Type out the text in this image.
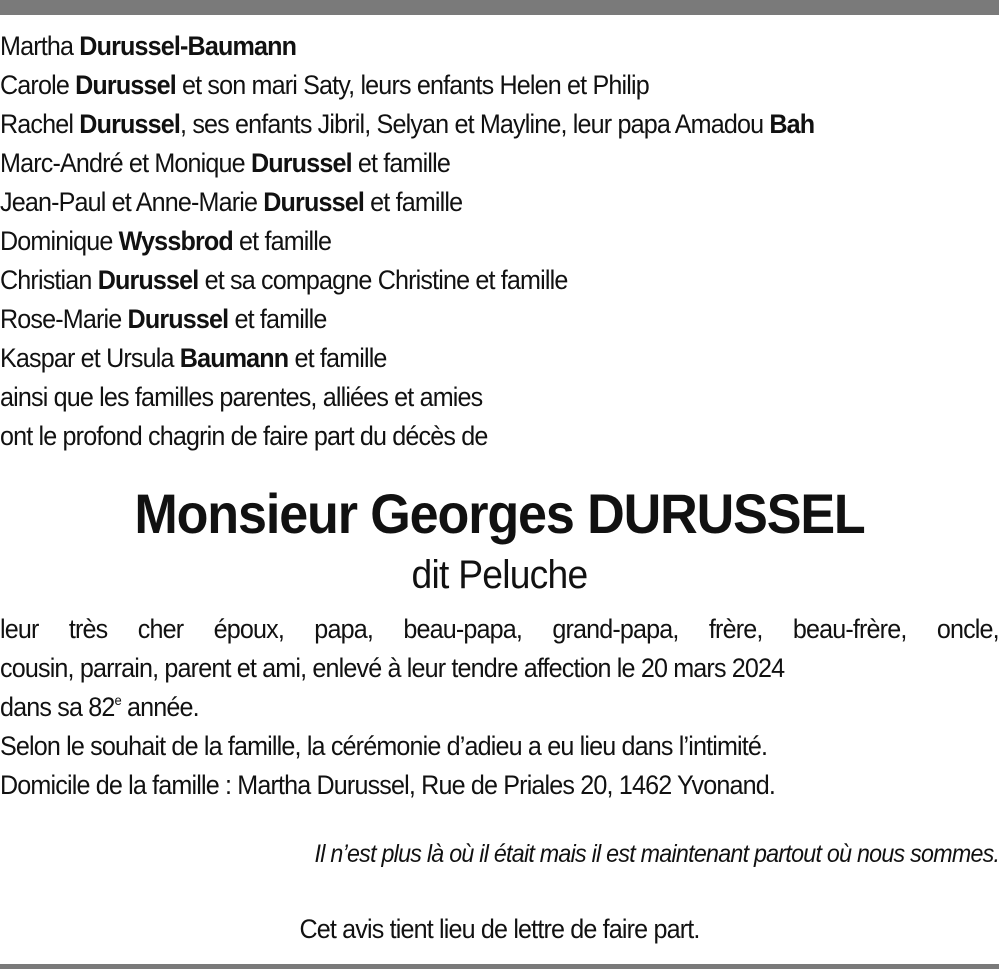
Martha Durussel-Baumann
Carole Durussel et son mari Saty, leurs enfants Helen et Philip
Rachel Durussel, ses enfants Jibril, Selyan et Mayline, leur papa Amadou Bah
Marc-André et Monique Durussel et famille
Jean-Paul et Anne-Marie Durussel et famille
Dominique Wyssbrod et famille
Christian Durussel et sa compagne Christine et famille
Rose-Marie Durussel et famille
Kaspar et Ursula Baumann et famille
ainsi que les familles parentes, alliées et amies
ont le profond chagrin de faire part du décès de
Monsieur Georges DURUSSEL
dit Peluche
leur très cher époux, papa, beau-papa, grand-papa, frère, beau-frère, oncle,
cousin, parrain, parent et ami, enlevé à leur tendre affection le 20 mars 2024
dans sa 82e année.
Selon le souhait de la famille, la cérémonie d’adieu a eu lieu dans l’intimité.
Domicile de la famille : Martha Durussel, Rue de Priales 20, 1462 Yvonand.
Il n’est plus là où il était mais il est maintenant partout où nous sommes.
Cet avis tient lieu de lettre de faire part.
